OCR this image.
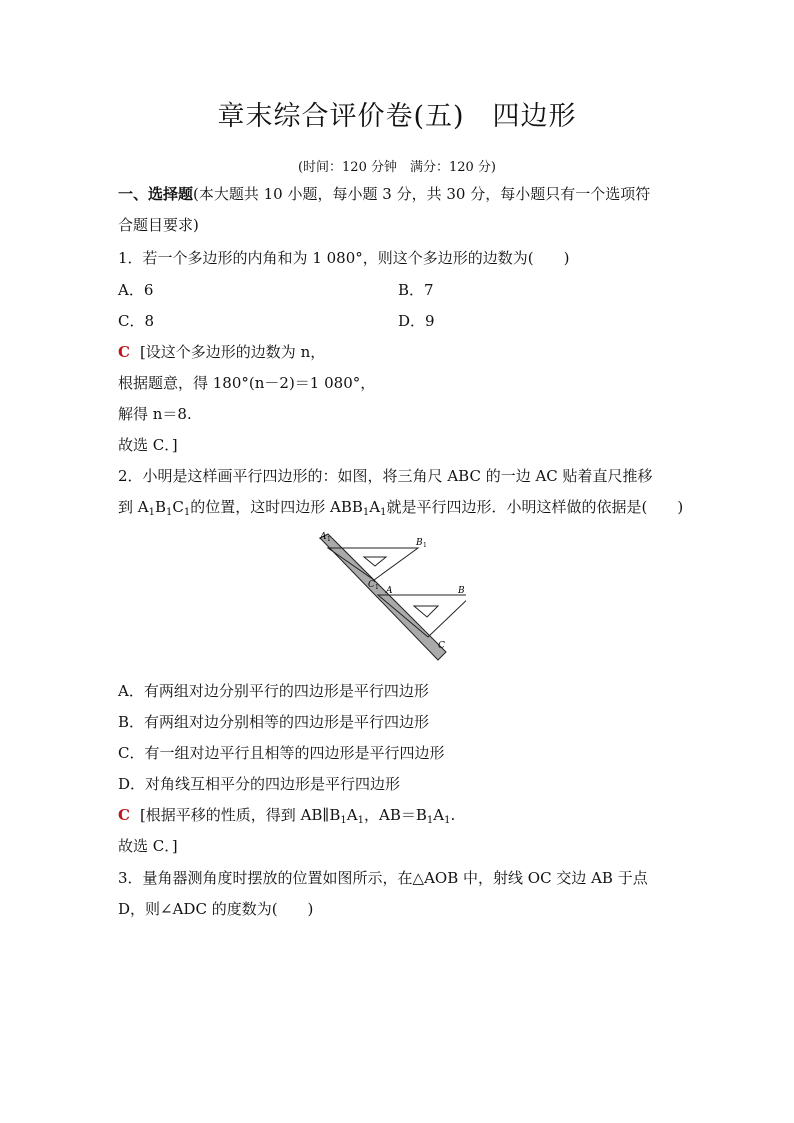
章末综合评价卷(五)　四边形
(时间：120 分钟　满分：120 分)
一、选择题(本大题共 10 小题，每小题 3 分，共 30 分，每小题只有一个选项符
合题目要求)
1．若一个多边形的内角和为 1 080°，则这个多边形的边数为(　　)
A．6	B．7
C．8	D．9
C [设这个多边形的边数为 n，
根据题意，得 180°(n－2)＝1 080°，
解得 n＝8.
故选 C．]
2．小明是这样画平行四边形的：如图，将三角尺 ABC 的一边 AC 贴着直尺推移
到 $A_1B_1C_1$的位置，这时四边形 $ABB_1A_1$就是平行四边形．小明这样做的依据是(　　)
A 1	B 1
C 1 A	B
C
A．有两组对边分别平行的四边形是平行四边形
B．有两组对边分别相等的四边形是平行四边形
C．有一组对边平行且相等的四边形是平行四边形
D．对角线互相平分的四边形是平行四边形
C [根据平移的性质，得到 $AB\parallel B_1A_1$，$AB=B_1A_1$.
故选 C．]
3．量角器测角度时摆放的位置如图所示，在△AOB 中，射线 OC 交边 AB 于点
D，则∠ADC 的度数为(　　)
